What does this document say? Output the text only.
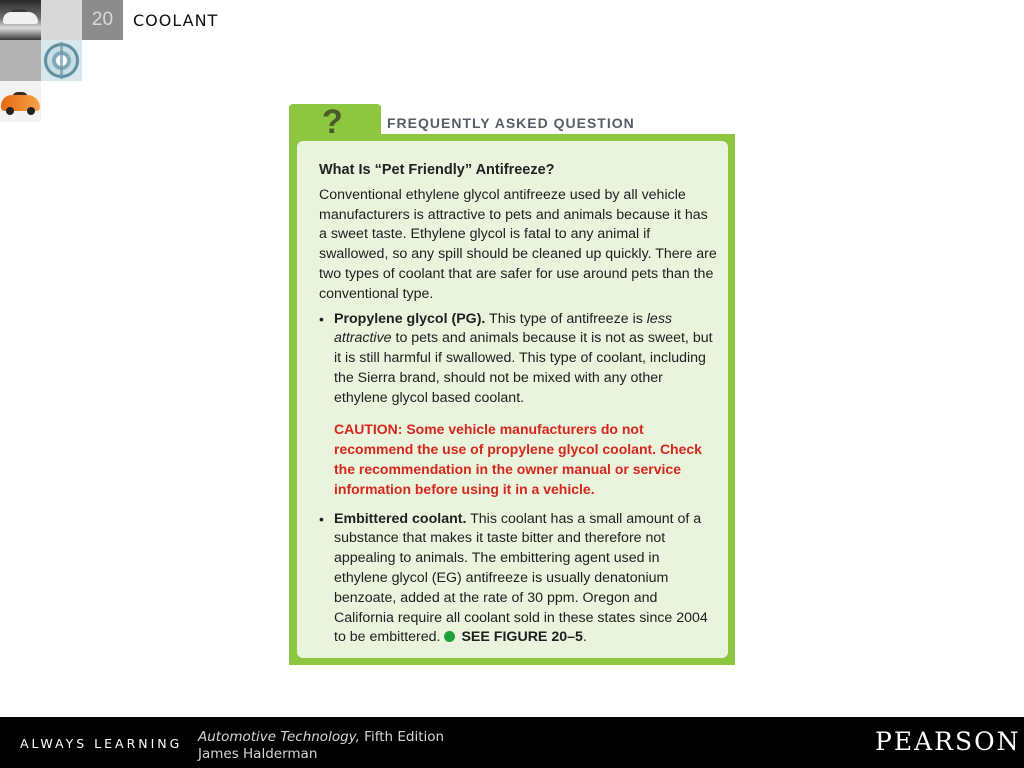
20	COOLANT
What Is “Pet Friendly” Antifreeze?

Conventional ethylene glycol antifreeze used by all vehicle manufacturers is attractive to pets and animals because it has a sweet taste. Ethylene glycol is fatal to any animal if swallowed, so any spill should be cleaned up quickly. There are two types of coolant that are safer for use around pets than the conventional type.

• Propylene glycol (PG). This type of antifreeze is less attractive to pets and animals because it is not as sweet, but it is still harmful if swallowed. This type of coolant, including the Sierra brand, should not be mixed with any other ethylene glycol based coolant.
CAUTION: Some vehicle manufacturers do not recommend the use of propylene glycol coolant. Check the recommendation in the owner manual or service information before using it in a vehicle.
• Embittered coolant. This coolant has a small amount of a substance that makes it taste bitter and therefore not appealing to animals. The embittering agent used in ethylene glycol (EG) antifreeze is usually denatonium benzoate, added at the rate of 30 ppm. Oregon and California require all coolant sold in these states since 2004 to be embittered. SEE FIGURE 20–5.
?	FREQUENTLY ASKED QUESTION
ALWAYS LEARNING Automotive Technology, Fifth Edition
James Halderman	PEARSON
